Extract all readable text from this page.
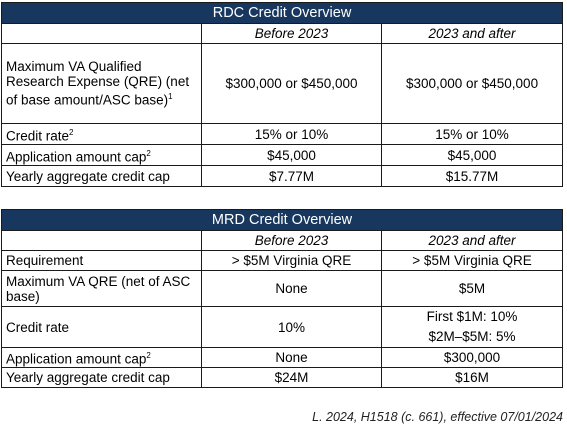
RDC Credit Overview		
	Before 2023	2023 and after
Maximum VA Qualified Research Expense (QRE) (net of base amount/ASC base)$^1$	$300,000 or $450,000	$300,000 or $450,000
Credit rate$^2$	15% or 10%	15% or 10%
Application amount cap$^2$	$45,000	$45,000
Yearly aggregate credit cap	$7.77M	$15.77M
MRD Credit Overview		
	Before 2023	2023 and after
Requirement	> $5M Virginia QRE	> $5M Virginia QRE
Maximum VA QRE (net of ASC base)	None	$5M
Credit rate	10%	First $1M: 10%
$2M–$5M: 5%

Application amount cap$^2$	None	$300,000
Yearly aggregate credit cap	$24M	$16M
L. 2024, H1518 (c. 661), effective 07/01/2024
